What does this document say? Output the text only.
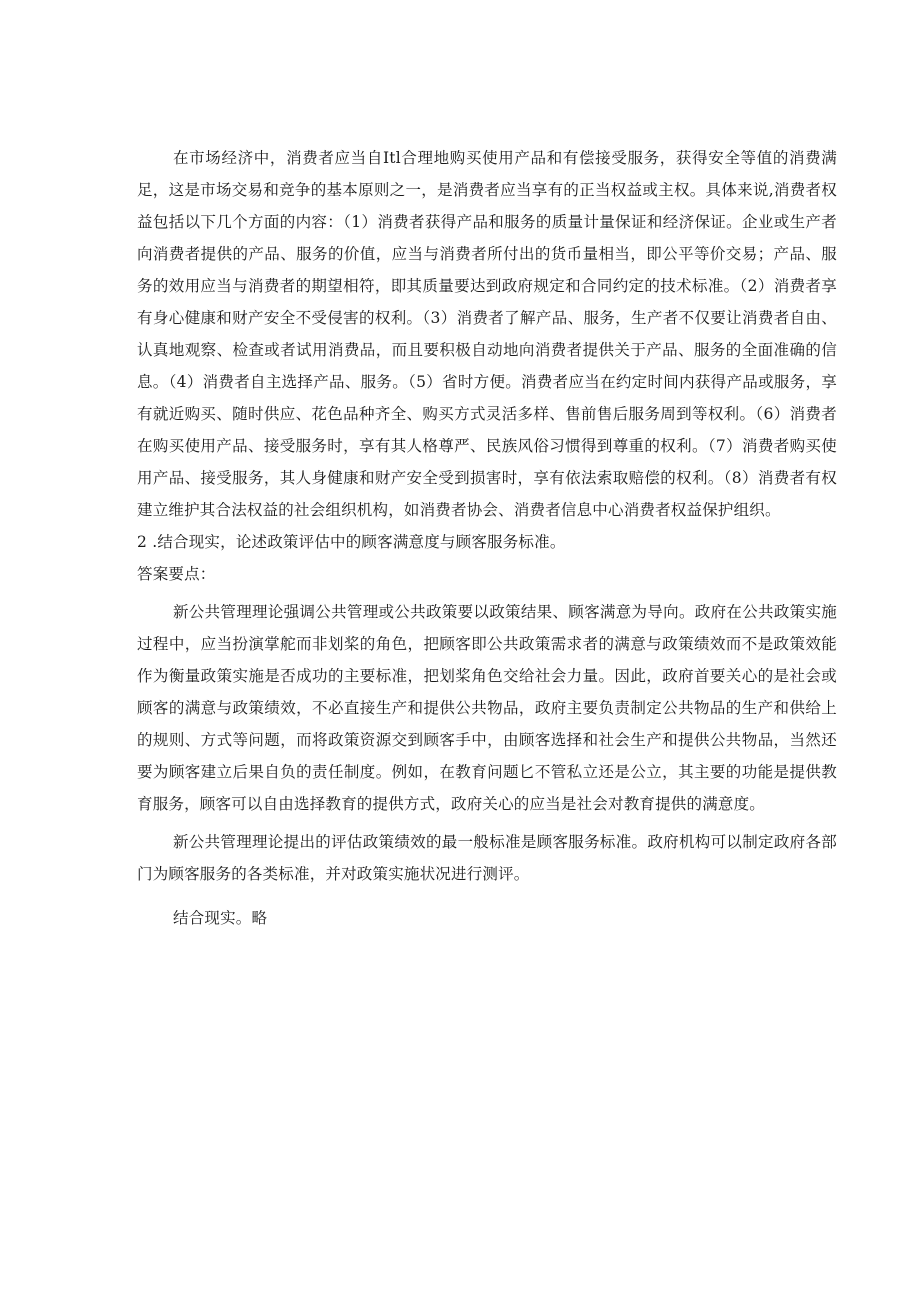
在市场经济中，消费者应当自Itl合理地购买使用产品和有偿接受服务，获得安全等值的消费满足，这是市场交易和竞争的基本原则之一，是消费者应当享有的正当权益或主权。具体来说,消费者权益包括以下几个方面的内容：（1）消费者获得产品和服务的质量计量保证和经济保证。企业或生产者向消费者提供的产品、服务的价值，应当与消费者所付出的货币量相当，即公平等价交易；产品、服务的效用应当与消费者的期望相符，即其质量要达到政府规定和合同约定的技术标准。（2）消费者享有身心健康和财产安全不受侵害的权利。（3）消费者了解产品、服务，生产者不仅要让消费者自由、认真地观察、检查或者试用消费品，而且要积极自动地向消费者提供关于产品、服务的全面准确的信息。（4）消费者自主选择产品、服务。（5）省时方便。消费者应当在约定时间内获得产品或服务，享有就近购买、随时供应、花色品种齐全、购买方式灵活多样、售前售后服务周到等权利。（6）消费者在购买使用产品、接受服务时，享有其人格尊严、民族风俗习惯得到尊重的权利。（7）消费者购买使用产品、接受服务，其人身健康和财产安全受到损害时，享有依法索取赔偿的权利。（8）消费者有权建立维护其合法权益的社会组织机构，如消费者协会、消费者信息中心消费者权益保护组织。

2 .结合现实，论述政策评估中的顾客满意度与顾客服务标准。

答案要点：

新公共管理理论强调公共管理或公共政策要以政策结果、顾客满意为导向。政府在公共政策实施过程中，应当扮演掌舵而非划桨的角色，把顾客即公共政策需求者的满意与政策绩效而不是政策效能作为衡量政策实施是否成功的主要标准，把划桨角色交给社会力量。因此，政府首要关心的是社会或顾客的满意与政策绩效，不必直接生产和提供公共物品，政府主要负责制定公共物品的生产和供给上的规则、方式等问题，而将政策资源交到顾客手中，由顾客选择和社会生产和提供公共物品，当然还要为顾客建立后果自负的责任制度。例如，在教育问题匕不管私立还是公立，其主要的功能是提供教育服务，顾客可以自由选择教育的提供方式，政府关心的应当是社会对教育提供的满意度。

新公共管理理论提出的评估政策绩效的最一般标准是顾客服务标准。政府机构可以制定政府各部门为顾客服务的各类标准，并对政策实施状况进行测评。

结合现实。略
